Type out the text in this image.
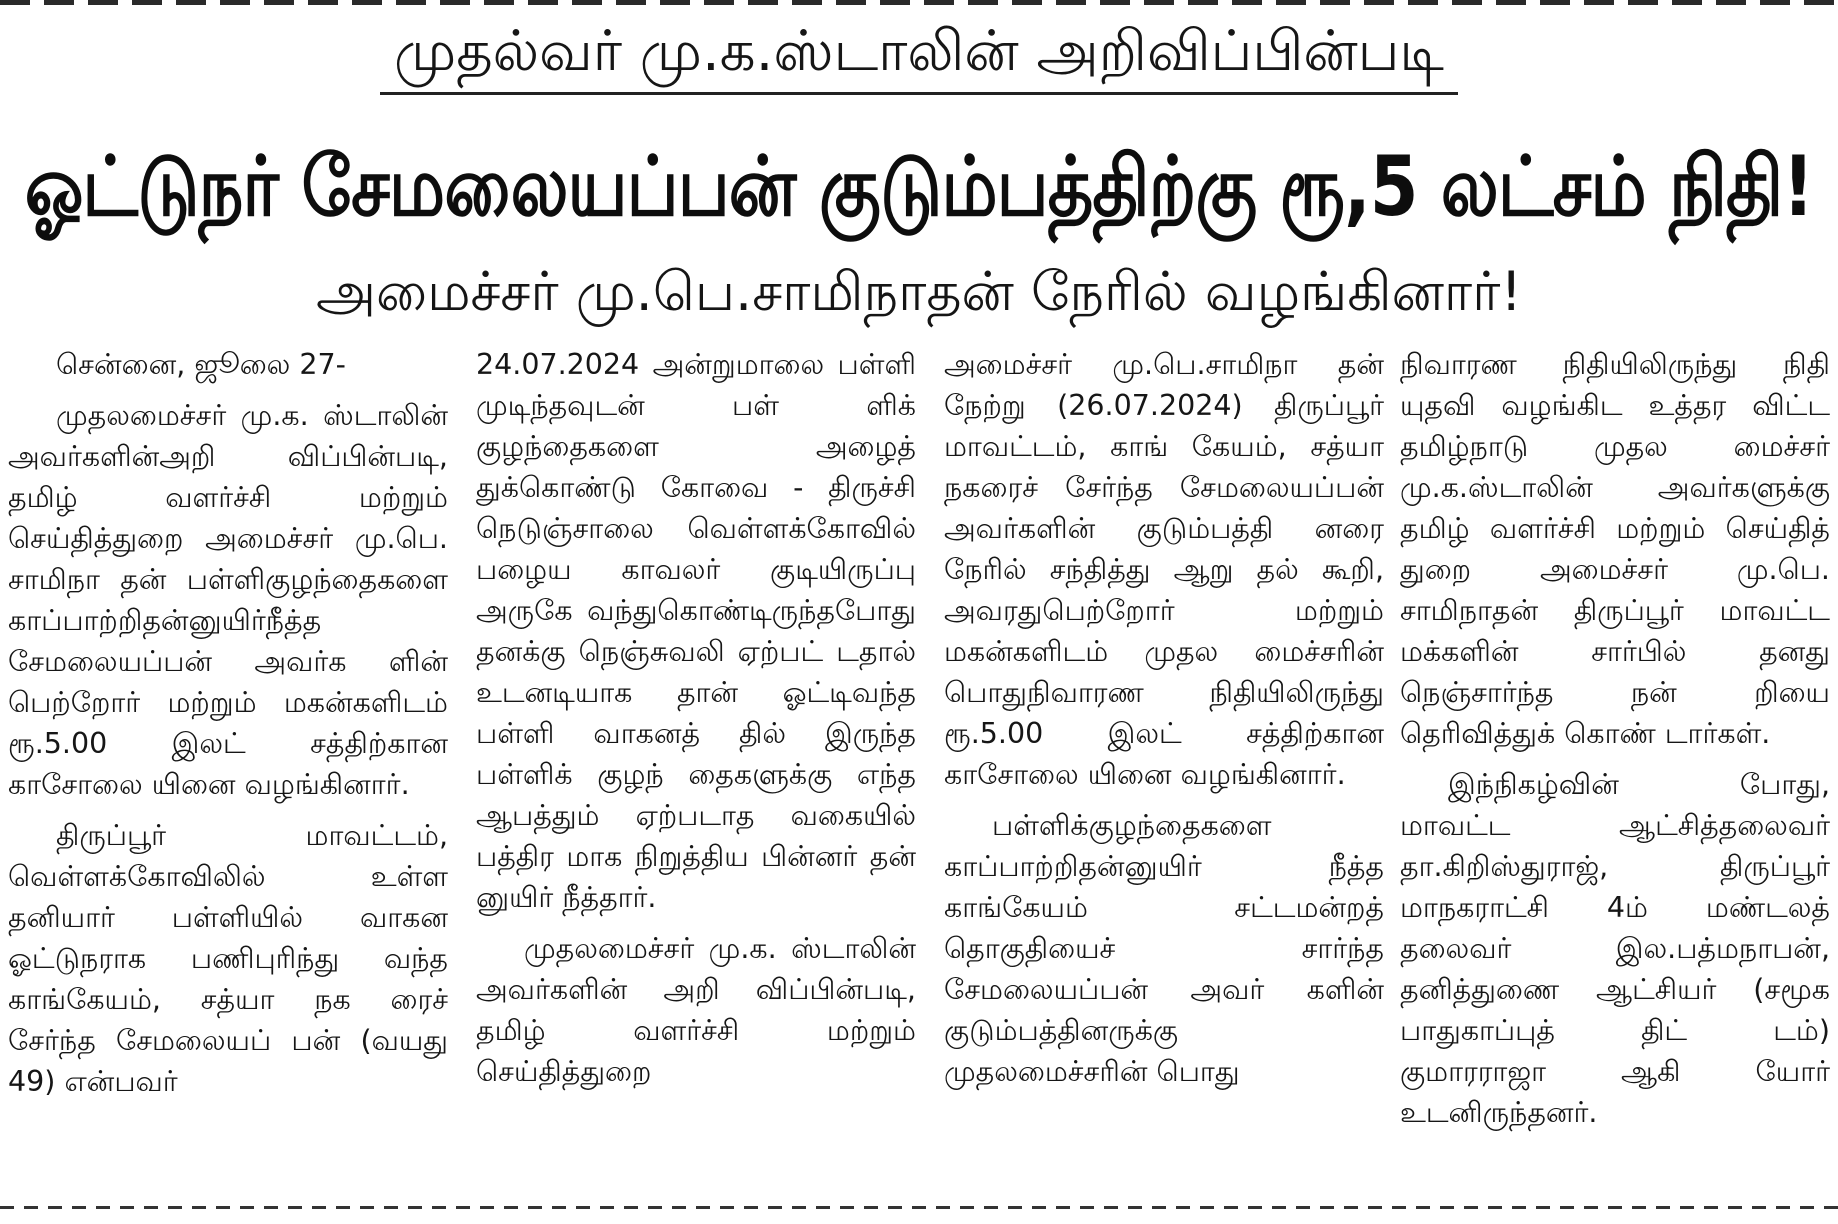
முதல்வர் மு.க.ஸ்டாலின் அறிவிப்பின்படி
ஓட்டுநர் சேமலையப்பன் குடும்பத்திற்கு ரூ,5 லட்சம் நிதி!
அமைச்சர் மு.பெ.சாமிநாதன் நேரில் வழங்கினார்!

சென்னை, ஜூலை 27-

முதலமைச்சர் மு.க. ஸ்டாலின் அவர்களின்அறி விப்பின்படி, தமிழ் வளர்ச்சி மற்றும் செய்தித்துறை அமைச்சர் மு.பெ. சாமிநா தன் பள்ளிகுழந்தைகளை காப்பாற்றிதன்னுயிர்நீத்த சேமலையப்பன் அவர்க ளின் பெற்றோர் மற்றும் மகன்களிடம் ரூ.5.00 இலட் சத்திற்கான காசோலை யினை வழங்கினார்.

திருப்பூர் மாவட்டம், வெள்ளக்கோவிலில் உள்ள தனியார் பள்ளியில் வாகன ஓட்டுநராக பணிபுரிந்து வந்த காங்கேயம், சத்யா நக ரைச் சேர்ந்த சேமலையப் பன் (வயது 49) என்பவர்

24.07.2024 அன்றுமாலை பள்ளி முடிந்தவுடன் பள் ளிக் குழந்தைகளை அழைத் துக்கொண்டு கோவை - திருச்சி நெடுஞ்சாலை வெள்ளக்கோவில் பழைய காவலர் குடியிருப்பு அருகே வந்துகொண்டிருந்தபோது தனக்கு நெஞ்சுவலி ஏற்பட் டதால் உடனடியாக தான் ஓட்டிவந்த பள்ளி வாகனத் தில் இருந்த பள்ளிக் குழந் தைகளுக்கு எந்த ஆபத்தும் ஏற்படாத வகையில் பத்திர மாக நிறுத்திய பின்னர் தன் னுயிர் நீத்தார்.

முதலமைச்சர் மு.க. ஸ்டாலின் அவர்களின் அறி விப்பின்படி, தமிழ் வளர்ச்சி மற்றும் செய்தித்துறை

அமைச்சர் மு.பெ.சாமிநா தன் நேற்று (26.07.2024) திருப்பூர் மாவட்டம், காங் கேயம், சத்யா நகரைச் சேர்ந்த சேமலையப்பன் அவர்களின் குடும்பத்தி னரை நேரில் சந்தித்து ஆறு தல் கூறி, அவரதுபெற்றோர் மற்றும் மகன்களிடம் முதல மைச்சரின் பொதுநிவாரண நிதியிலிருந்து ரூ.5.00 இலட் சத்திற்கான காசோலை யினை வழங்கினார்.

பள்ளிக்குழந்தைகளை காப்பாற்றிதன்னுயிர் நீத்த காங்கேயம் சட்டமன்றத் தொகுதியைச் சார்ந்த சேமலையப்பன் அவர் களின் குடும்பத்தினருக்கு முதலமைச்சரின் பொது

நிவாரண நிதியிலிருந்து நிதி யுதவி வழங்கிட உத்தர விட்ட தமிழ்நாடு முதல மைச்சர் மு.க.ஸ்டாலின் அவர்களுக்கு தமிழ் வளர்ச்சி மற்றும் செய்தித் துறை அமைச்சர் மு.பெ. சாமிநாதன் திருப்பூர் மாவட்ட மக்களின் சார்பில் தனது நெஞ்சார்ந்த நன் றியை தெரிவித்துக் கொண் டார்கள்.

இந்நிகழ்வின் போது, மாவட்ட ஆட்சித்தலைவர் தா.கிறிஸ்துராஜ், திருப்பூர் மாநகராட்சி 4ம் மண்டலத் தலைவர் இல.பத்மநாபன், தனித்துணை ஆட்சியர் (சமூக பாதுகாப்புத் திட் டம்) குமாரராஜா ஆகி யோர் உடனிருந்தனர்.
